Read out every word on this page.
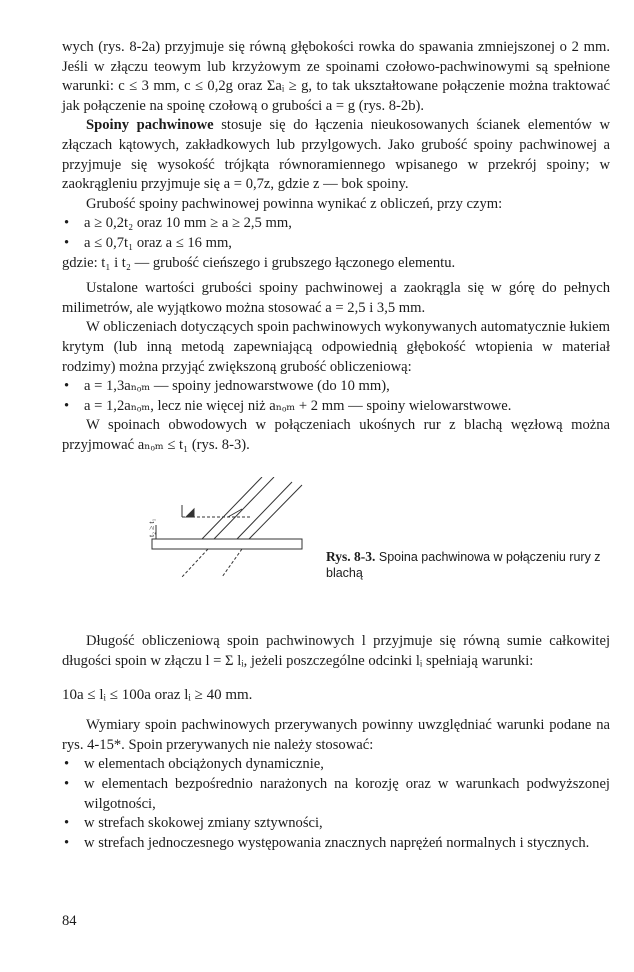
wych (rys. 8-2a) przyjmuje się równą głębokości rowka do spawania zmniejszonej o 2 mm. Jeśli w złączu teowym lub krzyżowym ze spoinami czołowo-pachwinowymi są spełnione warunki: c ≤ 3 mm, c ≤ 0,2g oraz Σaᵢ ≥ g, to tak ukształtowane połączenie można traktować jak połączenie na spoinę czołową o grubości a = g (rys. 8-2b).

Spoiny pachwinowe stosuje się do łączenia nieukosowanych ścianek elementów w złączach kątowych, zakładkowych lub przylgowych. Jako grubość spoiny pachwinowej a przyjmuje się wysokość trójkąta równoramiennego wpisanego w przekrój spoiny; w zaokrągleniu przyjmuje się a = 0,7z, gdzie z — bok spoiny.

Grubość spoiny pachwinowej powinna wynikać z obliczeń, przy czym:

• a ≥ 0,2t₂ oraz 10 mm ≥ a ≥ 2,5 mm,
• a ≤ 0,7t₁ oraz a ≤ 16 mm,

gdzie: t₁ i t₂ — grubość cieńszego i grubszego łączonego elementu.

Ustalone wartości grubości spoiny pachwinowej a zaokrągla się w górę do pełnych milimetrów, ale wyjątkowo można stosować a = 2,5 i 3,5 mm.

W obliczeniach dotyczących spoin pachwinowych wykonywanych automatycznie łukiem krytym (lub inną metodą zapewniającą odpowiednią głębokość wtopienia w materiał rodzimy) można przyjąć zwiększoną grubość obliczeniową:

• a = 1,3aₙₒₘ — spoiny jednowarstwowe (do 10 mm),
• a = 1,2aₙₒₘ, lecz nie więcej niż aₙₒₘ + 2 mm — spoiny wielowarstwowe.

W spoinach obwodowych w połączeniach ukośnych rur z blachą węzłową można przyjmować aₙₒₘ ≤ t₁ (rys. 8-3).

t₂ ≥ t₁
Rys. 8-3. Spoina pachwinowa w połączeniu rury z blachą

Długość obliczeniową spoin pachwinowych l przyjmuje się równą sumie całkowitej długości spoin w złączu l = Σ lᵢ, jeżeli poszczególne odcinki lᵢ spełniają warunki:

10a ≤ lᵢ ≤ 100a oraz lᵢ ≥ 40 mm.

Wymiary spoin pachwinowych przerywanych powinny uwzględniać warunki podane na rys. 4-15*. Spoin przerywanych nie należy stosować:

• w elementach obciążonych dynamicznie,
• w elementach bezpośrednio narażonych na korozję oraz w warunkach podwyższonej wilgotności,
• w strefach skokowej zmiany sztywności,
• w strefach jednoczesnego występowania znacznych naprężeń normalnych i stycznych.
84
